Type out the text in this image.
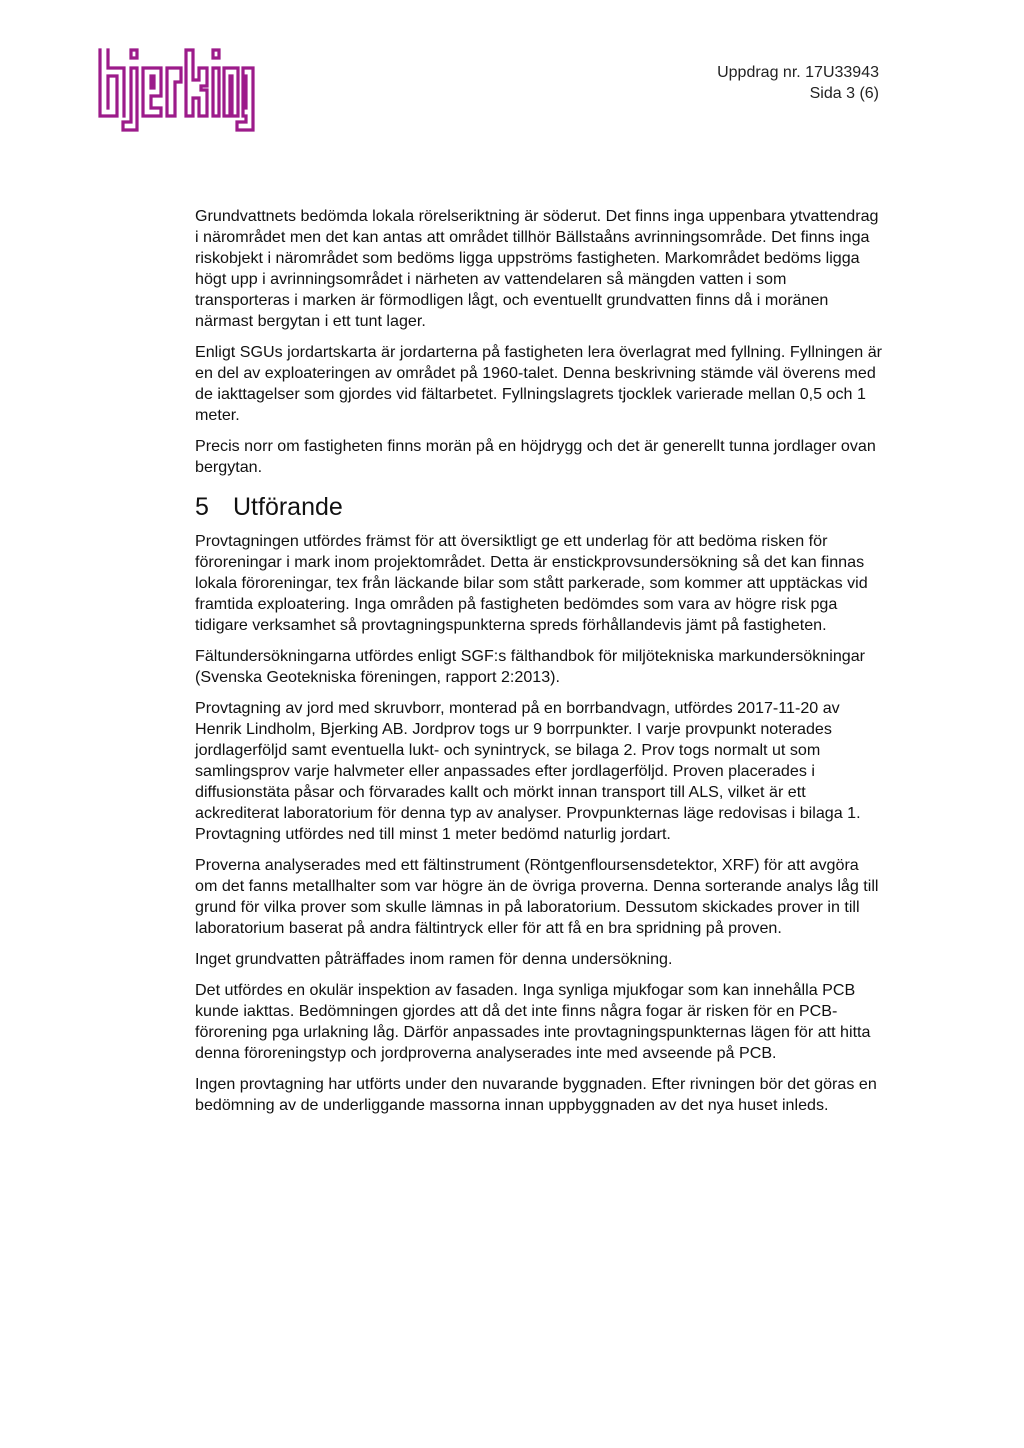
Uppdrag nr. 17U33943
Sida 3 (6)

Grundvattnets bedömda lokala rörelseriktning är söderut. Det finns inga uppenbara ytvattendrag i närområdet men det kan antas att området tillhör Bällstaåns avrinningsområde. Det finns inga riskobjekt i närområdet som bedöms ligga uppströms fastigheten. Markområdet bedöms ligga högt upp i avrinningsområdet i närheten av vattendelaren så mängden vatten i som transporteras i marken är förmodligen lågt, och eventuellt grundvatten finns då i moränen närmast bergytan i ett tunt lager.

Enligt SGUs jordartskarta är jordarterna på fastigheten lera överlagrat med fyllning. Fyllningen är en del av exploateringen av området på 1960-talet. Denna beskrivning stämde väl överens med de iakttagelser som gjordes vid fältarbetet. Fyllningslagrets tjocklek varierade mellan 0,5 och 1 meter.

Precis norr om fastigheten finns morän på en höjdrygg och det är generellt tunna jordlager ovan bergytan.

5 Utförande

Provtagningen utfördes främst för att översiktligt ge ett underlag för att bedöma risken för föroreningar i mark inom projektområdet. Detta är enstickprovsundersökning så det kan finnas lokala föroreningar, tex från läckande bilar som stått parkerade, som kommer att upptäckas vid framtida exploatering. Inga områden på fastigheten bedömdes som vara av högre risk pga tidigare verksamhet så provtagningspunkterna spreds förhållandevis jämt på fastigheten.

Fältundersökningarna utfördes enligt SGF:s fälthandbok för miljötekniska markundersökningar (Svenska Geotekniska föreningen, rapport 2:2013).

Provtagning av jord med skruvborr, monterad på en borrbandvagn, utfördes 2017-11-20 av Henrik Lindholm, Bjerking AB. Jordprov togs ur 9 borrpunkter. I varje provpunkt noterades jordlagerföljd samt eventuella lukt- och synintryck, se bilaga 2. Prov togs normalt ut som samlingsprov varje halvmeter eller anpassades efter jordlagerföljd. Proven placerades i diffusionstäta påsar och förvarades kallt och mörkt innan transport till ALS, vilket är ett ackrediterat laboratorium för denna typ av analyser. Provpunkternas läge redovisas i bilaga 1. Provtagning utfördes ned till minst 1 meter bedömd naturlig jordart.

Proverna analyserades med ett fältinstrument (Röntgenfloursensdetektor, XRF) för att avgöra om det fanns metallhalter som var högre än de övriga proverna. Denna sorterande analys låg till grund för vilka prover som skulle lämnas in på laboratorium. Dessutom skickades prover in till laboratorium baserat på andra fältintryck eller för att få en bra spridning på proven.

Inget grundvatten påträffades inom ramen för denna undersökning.

Det utfördes en okulär inspektion av fasaden. Inga synliga mjukfogar som kan innehålla PCB kunde iakttas. Bedömningen gjordes att då det inte finns några fogar är risken för en PCB-förorening pga urlakning låg. Därför anpassades inte provtagningspunkternas lägen för att hitta denna föroreningstyp och jordproverna analyserades inte med avseende på PCB.

Ingen provtagning har utförts under den nuvarande byggnaden. Efter rivningen bör det göras en bedömning av de underliggande massorna innan uppbyggnaden av det nya huset inleds.
